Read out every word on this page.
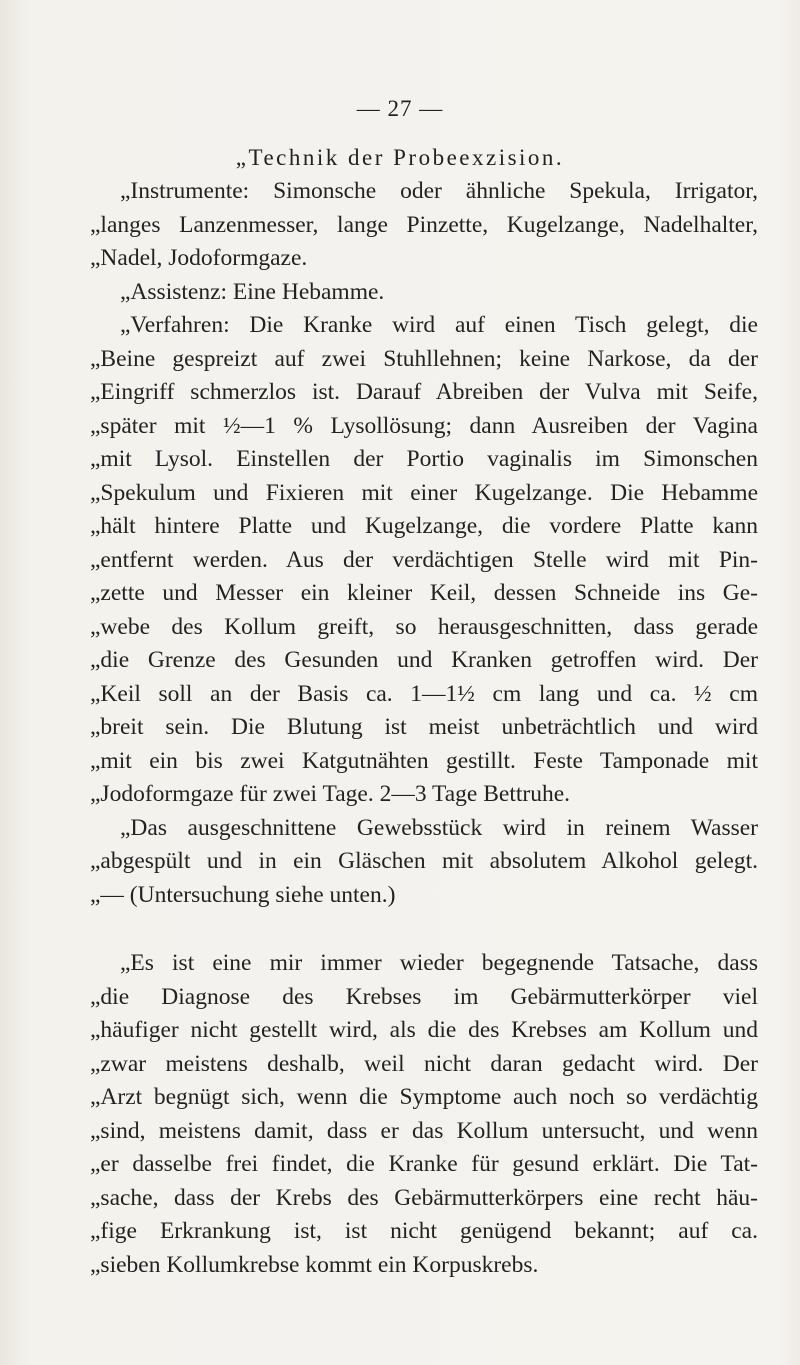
— 27 —
„Technik der Probeexzision.
„Instrumente: Simonsche oder ähnliche Spekula, Irrigator,
„langes Lanzenmesser, lange Pinzette, Kugelzange, Nadelhalter,
„Nadel, Jodoformgaze.
„Assistenz: Eine Hebamme.
„Verfahren: Die Kranke wird auf einen Tisch gelegt, die
„Beine gespreizt auf zwei Stuhllehnen; keine Narkose, da der
„Eingriff schmerzlos ist. Darauf Abreiben der Vulva mit Seife,
„später mit ½—1 % Lysollösung; dann Ausreiben der Vagina
„mit Lysol. Einstellen der Portio vaginalis im Simonschen
„Spekulum und Fixieren mit einer Kugelzange. Die Hebamme
„hält hintere Platte und Kugelzange, die vordere Platte kann
„entfernt werden. Aus der verdächtigen Stelle wird mit Pin-
„zette und Messer ein kleiner Keil, dessen Schneide ins Ge-
„webe des Kollum greift, so herausgeschnitten, dass gerade
„die Grenze des Gesunden und Kranken getroffen wird. Der
„Keil soll an der Basis ca. 1—1½ cm lang und ca. ½ cm
„breit sein. Die Blutung ist meist unbeträchtlich und wird
„mit ein bis zwei Katgutnähten gestillt. Feste Tamponade mit
„Jodoformgaze für zwei Tage. 2—3 Tage Bettruhe.
„Das ausgeschnittene Gewebsstück wird in reinem Wasser
„abgespült und in ein Gläschen mit absolutem Alkohol gelegt.
„— (Untersuchung siehe unten.)
„Es ist eine mir immer wieder begegnende Tatsache, dass
„die Diagnose des Krebses im Gebärmutterkörper viel
„häufiger nicht gestellt wird, als die des Krebses am Kollum und
„zwar meistens deshalb, weil nicht daran gedacht wird. Der
„Arzt begnügt sich, wenn die Symptome auch noch so verdächtig
„sind, meistens damit, dass er das Kollum untersucht, und wenn
„er dasselbe frei findet, die Kranke für gesund erklärt. Die Tat-
„sache, dass der Krebs des Gebärmutterkörpers eine recht häu-
„fige Erkrankung ist, ist nicht genügend bekannt; auf ca.
„sieben Kollumkrebse kommt ein Korpuskrebs.
